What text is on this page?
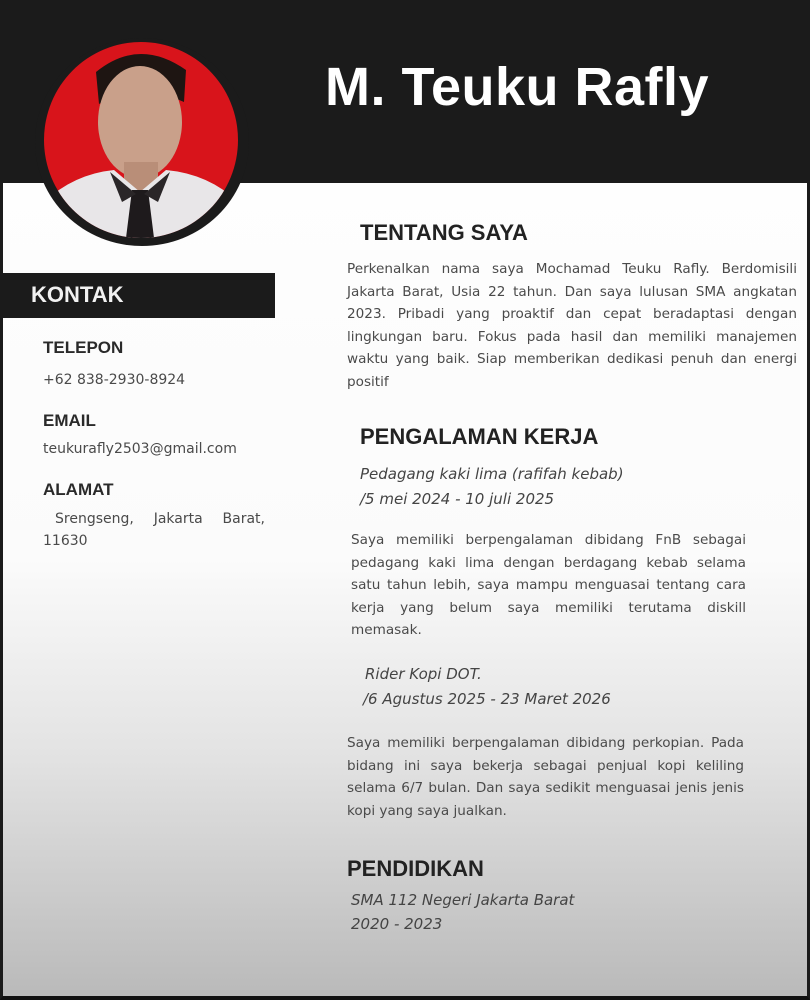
M. Teuku Rafly
KONTAK
TELEPON
+62 838-2930-8924
EMAIL
teukurafly2503@gmail.com
ALAMAT
Srengseng, Jakarta Barat, 11630
TENTANG SAYA
Perkenalkan nama saya Mochamad Teuku Rafly. Berdomisili Jakarta Barat, Usia 22 tahun. Dan saya lulusan SMA angkatan 2023. Pribadi yang proaktif dan cepat beradaptasi dengan lingkungan baru. Fokus pada hasil dan memiliki manajemen waktu yang baik. Siap memberikan dedikasi penuh dan energi positif
PENGALAMAN KERJA
Pedagang kaki lima (rafifah kebab)
/5 mei 2024 - 10 juli 2025
Saya memiliki berpengalaman dibidang FnB sebagai pedagang kaki lima dengan berdagang kebab selama satu tahun lebih, saya mampu menguasai tentang cara kerja yang belum saya memiliki terutama diskill memasak.
Rider Kopi DOT.
/6 Agustus 2025 - 23 Maret 2026
Saya memiliki berpengalaman dibidang perkopian. Pada bidang ini saya bekerja sebagai penjual kopi keliling selama 6/7 bulan. Dan saya sedikit menguasai jenis jenis kopi yang saya jualkan.
PENDIDIKAN
SMA 112 Negeri Jakarta Barat
2020 - 2023
